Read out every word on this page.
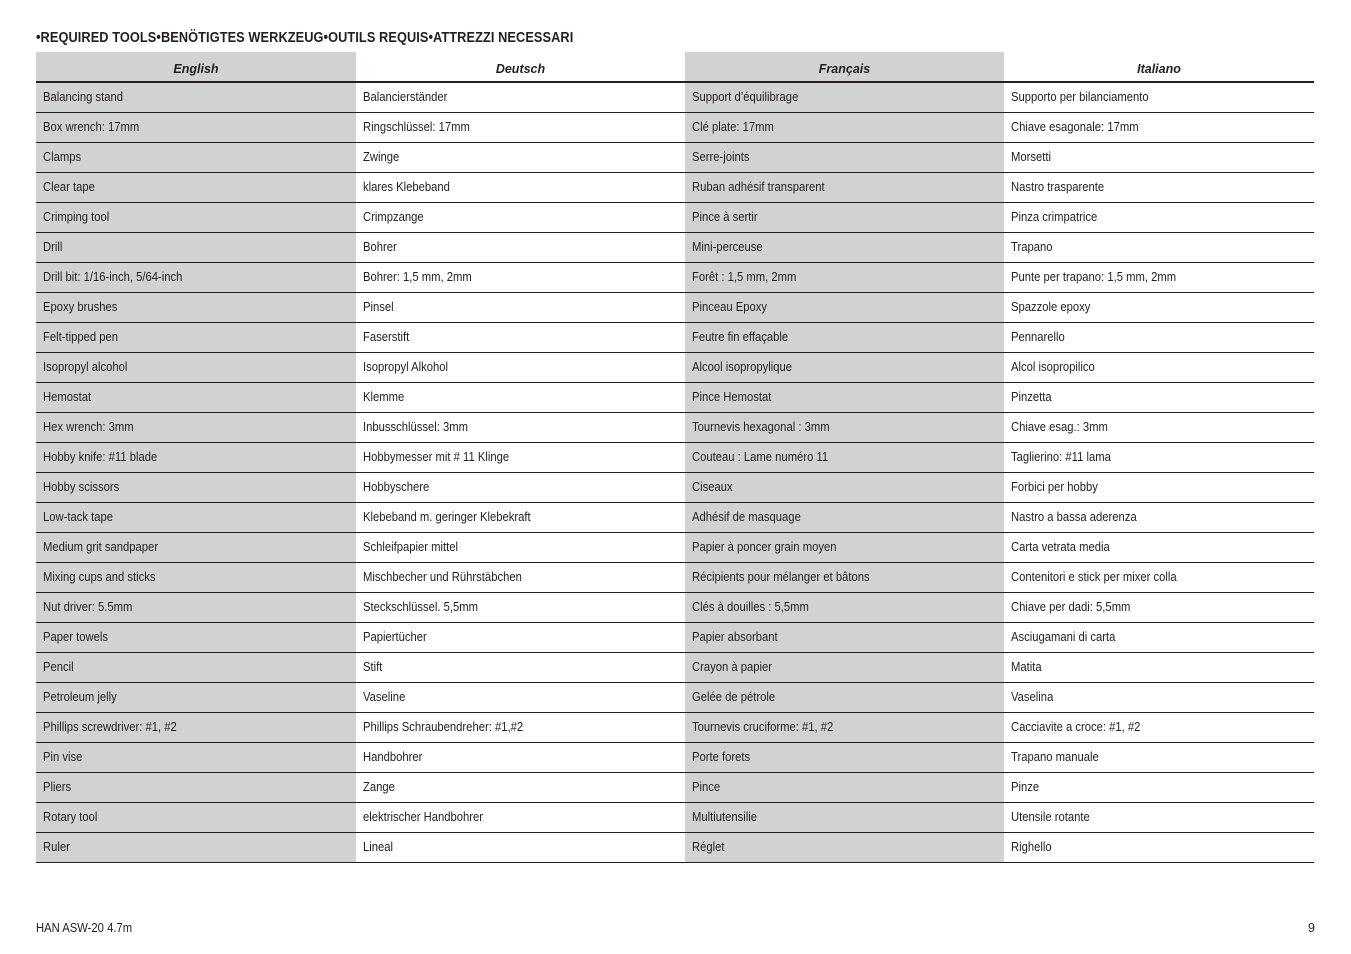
•REQUIRED TOOLS•BENÖTIGTES WERKZEUG•OUTILS REQUIS•ATTREZZI NECESSARI
English	Deutsch	Français	Italiano
Balancing stand	Balancierständer	Support d’équilibrage	Supporto per bilanciamento
Box wrench: 17mm	Ringschlüssel: 17mm	Clé plate: 17mm	Chiave esagonale: 17mm
Clamps	Zwinge	Serre-joints	Morsetti
Clear tape	klares Klebeband	Ruban adhésif transparent	Nastro trasparente
Crimping tool	Crimpzange	Pince à sertir	Pinza crimpatrice
Drill	Bohrer	Mini-perceuse	Trapano
Drill bit: 1/16-inch, 5/64-inch	Bohrer: 1,5 mm, 2mm	Forêt : 1,5 mm, 2mm	Punte per trapano: 1,5 mm, 2mm
Epoxy brushes	Pinsel	Pinceau Epoxy	Spazzole epoxy
Felt-tipped pen	Faserstift	Feutre fin effaçable	Pennarello
Isopropyl alcohol	Isopropyl Alkohol	Alcool isopropylique	Alcol isopropilico
Hemostat	Klemme	Pince Hemostat	Pinzetta
Hex wrench: 3mm	Inbusschlüssel: 3mm	Tournevis hexagonal : 3mm	Chiave esag.: 3mm
Hobby knife: #11 blade	Hobbymesser mit # 11 Klinge	Couteau : Lame numéro 11	Taglierino: #11 lama
Hobby scissors	Hobbyschere	Ciseaux	Forbici per hobby
Low-tack tape	Klebeband m. geringer Klebekraft	Adhésif de masquage	Nastro a bassa aderenza
Medium grit sandpaper	Schleifpapier mittel	Papier à poncer grain moyen	Carta vetrata media
Mixing cups and sticks	Mischbecher und Rührstäbchen	Récipients pour mélanger et bâtons	Contenitori e stick per mixer colla
Nut driver: 5.5mm	Steckschlüssel. 5,5mm	Clés à douilles : 5,5mm	Chiave per dadi: 5,5mm
Paper towels	Papiertücher	Papier absorbant	Asciugamani di carta
Pencil	Stift	Crayon à papier	Matita
Petroleum jelly	Vaseline	Gelée de pétrole	Vaselina
Phillips screwdriver: #1, #2	Phillips Schraubendreher: #1,#2	Tournevis cruciforme: #1, #2	Cacciavite a croce: #1, #2
Pin vise	Handbohrer	Porte forets	Trapano manuale
Pliers	Zange	Pince	Pinze
Rotary tool	elektrischer Handbohrer	Multiutensilie	Utensile rotante
Ruler	Lineal	Réglet	Righello
HAN ASW-20 4.7m	9
